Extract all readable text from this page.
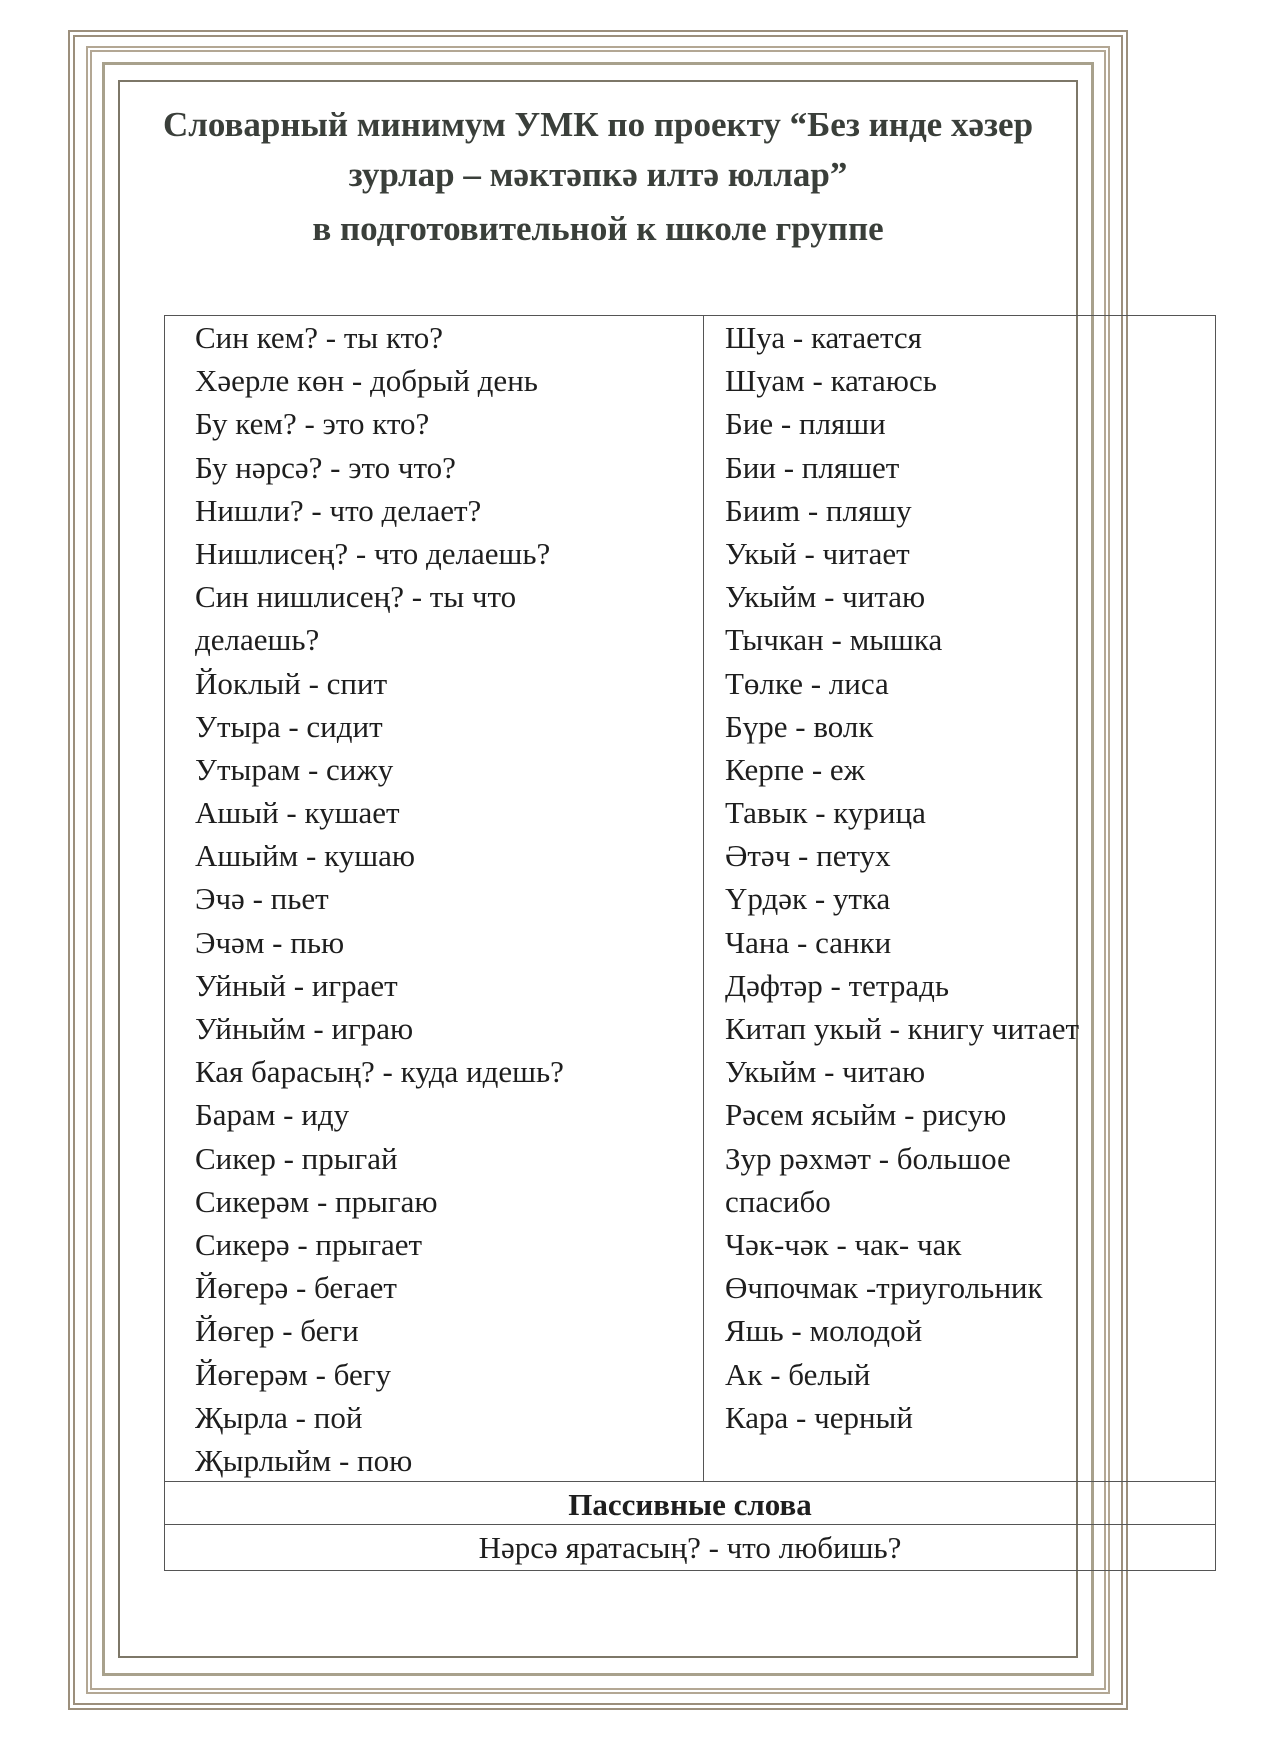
Словарный минимум УМК по проекту “Без инде хәзер
зурлар – мәктәпкә илтә юллар”
в подготовительной к школе группе
Син кем? - ты кто?
Хәерле көн - добрый день
Бу кем? - это кто?
Бу нәрсә? - это что?
Нишли? - что делает?
Нишлисең? - что делаешь?
Син нишлисең? - ты что
делаешь?
Йоклый - спит
Утыра - сидит
Утырам - сижу
Ашый - кушает
Ашыйм - кушаю
Эчә - пьет
Эчәм - пью
Уйный - играет
Уйныйм - играю
Кая барасың? - куда идешь?
Барам - иду
Сикер - прыгай
Сикерәм - прыгаю
Сикерә - прыгает
Йөгерә - бегает
Йөгер - беги
Йөгерәм - бегу
Җырла - пой
Җырлыйм - пою
Шуа - катается
Шуам - катаюсь
Бие - пляши
Бии - пляшет
Бииm - пляшу
Укый - читает
Укыйм - читаю
Тычкан - мышка
Төлке - лиса
Бүре - волк
Керпе - еж
Тавык - курица
Әтәч - петух
Үрдәк - утка
Чана - санки
Дәфтәр - тетрадь
Китап укый - книгу читает
Укыйм - читаю
Рәсем ясыйм - рисую
Зур рәхмәт - большое
спасибо
Чәк-чәк - чак- чак
Өчпочмак -триугольник
Яшь - молодой
Ак - белый
Кара - черный
Пассивные слова
Нәрсә яратасың? - что любишь?
